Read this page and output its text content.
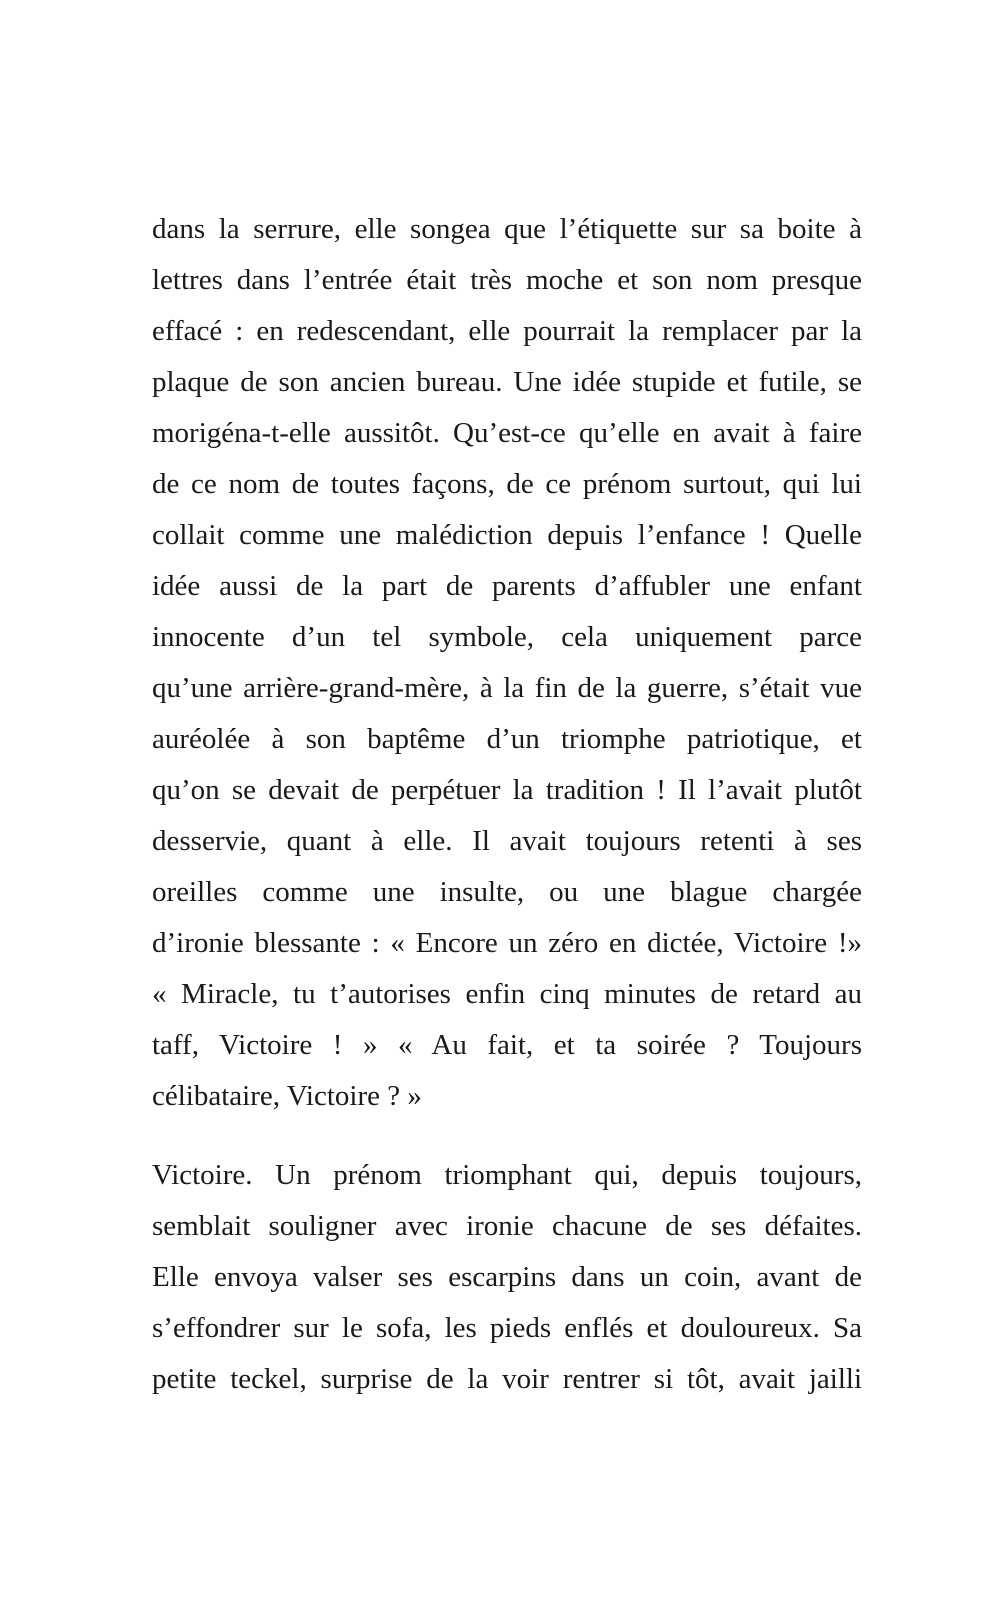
dans la serrure, elle songea que l’étiquette sur sa boite à
lettres dans l’entrée était très moche et son nom presque
effacé : en redescendant, elle pourrait la remplacer par la
plaque de son ancien bureau. Une idée stupide et futile, se
morigéna-t-elle aussitôt. Qu’est-ce qu’elle en avait à faire
de ce nom de toutes façons, de ce prénom surtout, qui lui
collait comme une malédiction depuis l’enfance ! Quelle
idée aussi de la part de parents d’affubler une enfant
innocente d’un tel symbole, cela uniquement parce
qu’une arrière-grand-mère, à la fin de la guerre, s’était vue
auréolée à son baptême d’un triomphe patriotique, et
qu’on se devait de perpétuer la tradition ! Il l’avait plutôt
desservie, quant à elle. Il avait toujours retenti à ses
oreilles comme une insulte, ou une blague chargée
d’ironie blessante : « Encore un zéro en dictée, Victoire !»
« Miracle, tu t’autorises enfin cinq minutes de retard au
taff, Victoire ! » « Au fait, et ta soirée ? Toujours
célibataire, Victoire ? »
Victoire. Un prénom triomphant qui, depuis toujours,
semblait souligner avec ironie chacune de ses défaites.
Elle envoya valser ses escarpins dans un coin, avant de
s’effondrer sur le sofa, les pieds enflés et douloureux. Sa
petite teckel, surprise de la voir rentrer si tôt, avait jailli
